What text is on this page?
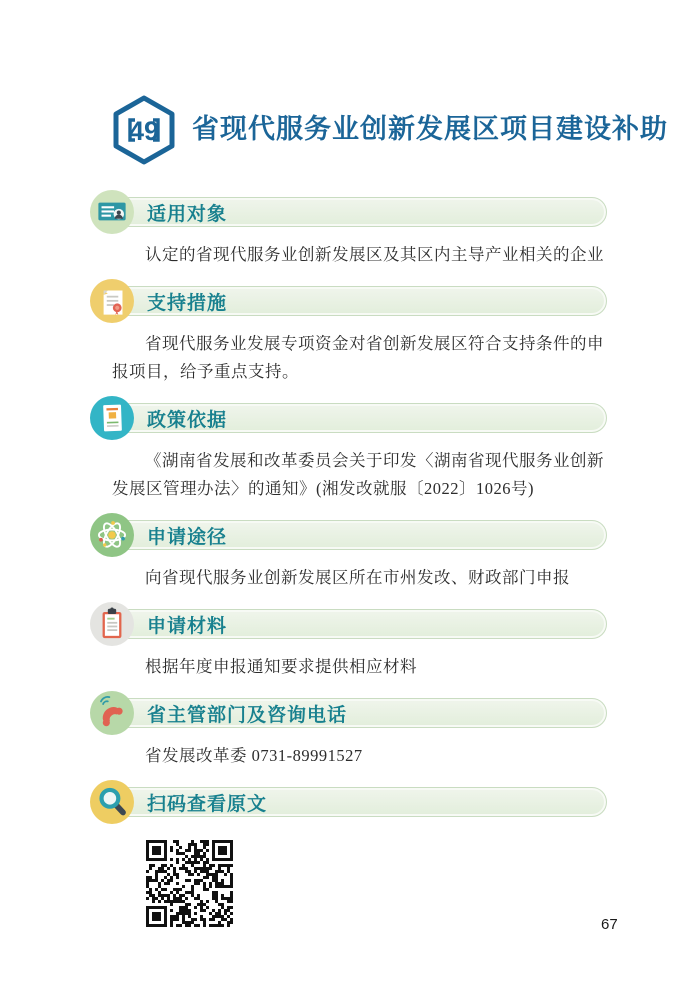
49 省现代服务业创新发展区项目建设补助
适用对象

认定的省现代服务业创新发展区及其区内主导产业相关的企业

支持措施

省现代服务业发展专项资金对省创新发展区符合支持条件的申报项目，给予重点支持。

政策依据

《湖南省发展和改革委员会关于印发〈湖南省现代服务业创新发展区管理办法〉的通知》(湘发改就服〔2022〕1026号)

申请途径

向省现代服务业创新发展区所在市州发改、财政部门申报

申请材料

根据年度申报通知要求提供相应材料

省主管部门及咨询电话

省发展改革委 0731-89991527

扫码查看原文
67
